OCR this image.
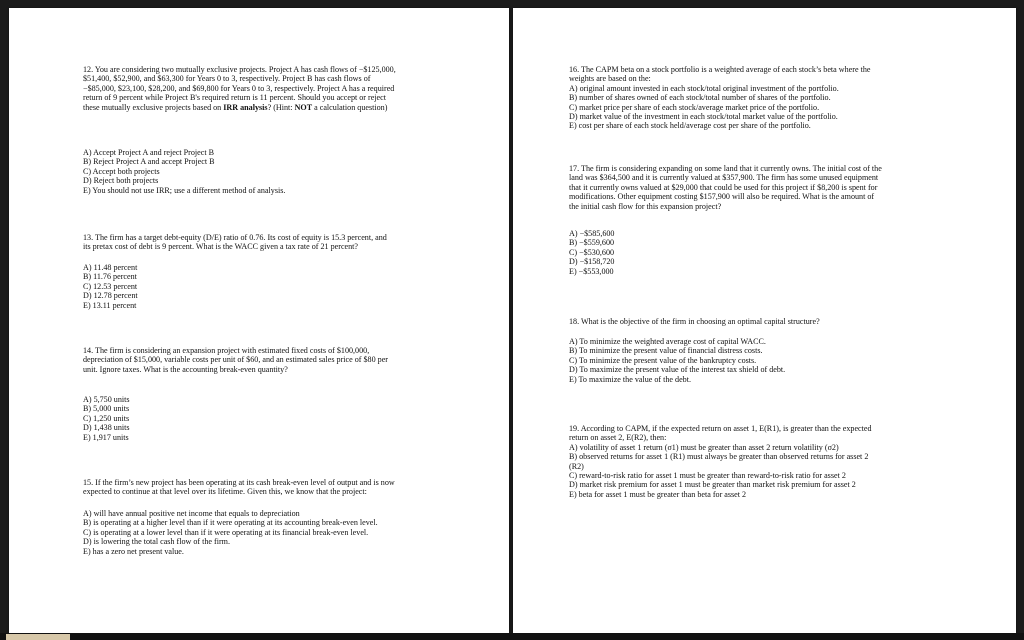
12. You are considering two mutually exclusive projects. Project A has cash flows of −$125,000,

$51,400, $52,900, and $63,300 for Years 0 to 3, respectively. Project B has cash flows of

−$85,000, $23,100, $28,200, and $69,800 for Years 0 to 3, respectively. Project A has a required

return of 9 percent while Project B's required return is 11 percent. Should you accept or reject

these mutually exclusive projects based on IRR analysis? (Hint: NOT a calculation question)

A) Accept Project A and reject Project B

B) Reject Project A and accept Project B

C) Accept both projects

D) Reject both projects

E) You should not use IRR; use a different method of analysis.

13. The firm has a target debt-equity (D/E) ratio of 0.76. Its cost of equity is 15.3 percent, and

its pretax cost of debt is 9 percent. What is the WACC given a tax rate of 21 percent?

A) 11.48 percent

B) 11.76 percent

C) 12.53 percent

D) 12.78 percent

E) 13.11 percent

14. The firm is considering an expansion project with estimated fixed costs of $100,000,

depreciation of $15,000, variable costs per unit of $60, and an estimated sales price of $80 per

unit. Ignore taxes. What is the accounting break-even quantity?

A) 5,750 units

B) 5,000 units

C) 1,250 units

D) 1,438 units

E) 1,917 units

15. If the firm’s new project has been operating at its cash break-even level of output and is now

expected to continue at that level over its lifetime. Given this, we know that the project:

A) will have annual positive net income that equals to depreciation

B) is operating at a higher level than if it were operating at its accounting break-even level.

C) is operating at a lower level than if it were operating at its financial break-even level.

D) is lowering the total cash flow of the firm.

E) has a zero net present value.

16. The CAPM beta on a stock portfolio is a weighted average of each stock’s beta where the

weights are based on the:

A) original amount invested in each stock/total original investment of the portfolio.

B) number of shares owned of each stock/total number of shares of the portfolio.

C) market price per share of each stock/average market price of the portfolio.

D) market value of the investment in each stock/total market value of the portfolio.

E) cost per share of each stock held/average cost per share of the portfolio.

17. The firm is considering expanding on some land that it currently owns. The initial cost of the

land was $364,500 and it is currently valued at $357,900. The firm has some unused equipment

that it currently owns valued at $29,000 that could be used for this project if $8,200 is spent for

modifications. Other equipment costing $157,900 will also be required. What is the amount of

the initial cash flow for this expansion project?

A) −$585,600

B) −$559,600

C) −$530,600

D) −$158,720

E) −$553,000

18. What is the objective of the firm in choosing an optimal capital structure?

A) To minimize the weighted average cost of capital WACC.

B) To minimize the present value of financial distress costs.

C) To minimize the present value of the bankruptcy costs.

D) To maximize the present value of the interest tax shield of debt.

E) To maximize the value of the debt.

19. According to CAPM, if the expected return on asset 1, E(R1), is greater than the expected

return on asset 2, E(R2), then:

A) volatility of asset 1 return (σ1) must be greater than asset 2 return volatility (σ2)

B) observed returns for asset 1 (R1) must always be greater than observed returns for asset 2

(R2)

C) reward-to-risk ratio for asset 1 must be greater than reward-to-risk ratio for asset 2

D) market risk premium for asset 1 must be greater than market risk premium for asset 2

E) beta for asset 1 must be greater than beta for asset 2
